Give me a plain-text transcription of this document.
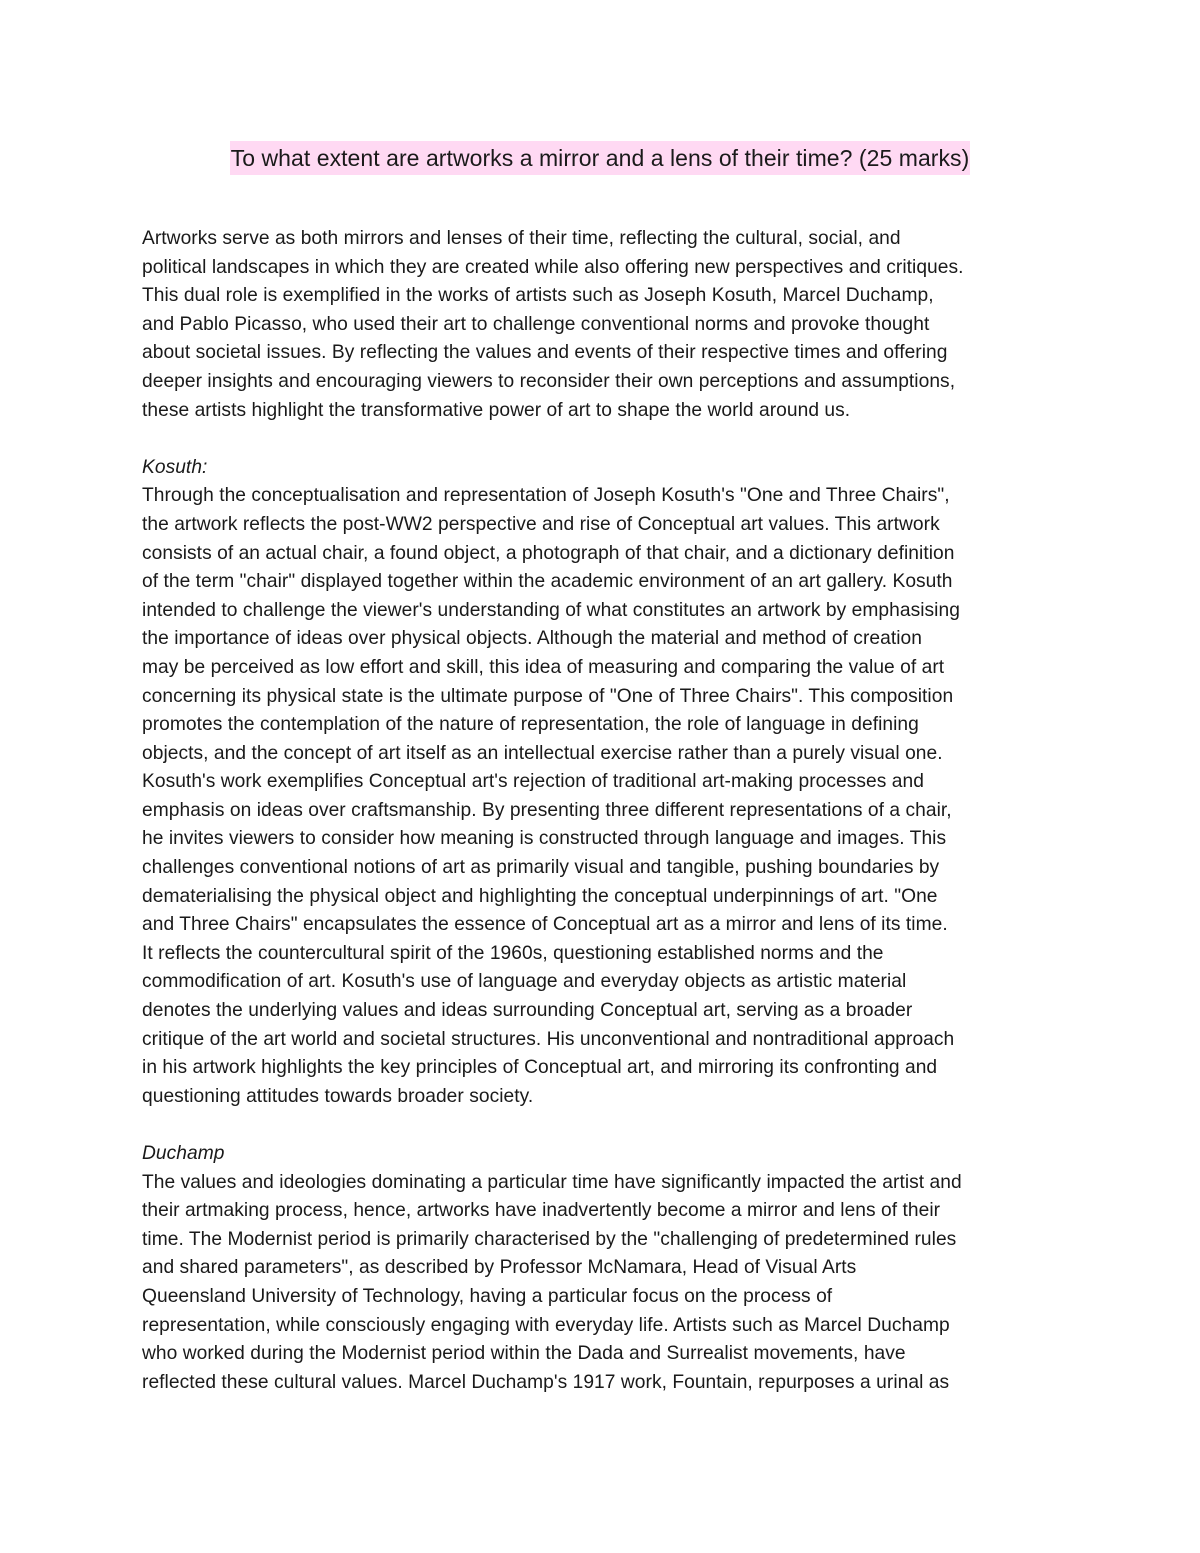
To what extent are artworks a mirror and a lens of their time? (25 marks)

Artworks serve as both mirrors and lenses of their time, reflecting the cultural, social, and

political landscapes in which they are created while also offering new perspectives and critiques.

This dual role is exemplified in the works of artists such as Joseph Kosuth, Marcel Duchamp,

and Pablo Picasso, who used their art to challenge conventional norms and provoke thought

about societal issues. By reflecting the values and events of their respective times and offering

deeper insights and encouraging viewers to reconsider their own perceptions and assumptions,

these artists highlight the transformative power of art to shape the world around us.

Kosuth:

Through the conceptualisation and representation of Joseph Kosuth's "One and Three Chairs",

the artwork reflects the post-WW2 perspective and rise of Conceptual art values. This artwork

consists of an actual chair, a found object, a photograph of that chair, and a dictionary definition

of the term "chair" displayed together within the academic environment of an art gallery. Kosuth

intended to challenge the viewer's understanding of what constitutes an artwork by emphasising

the importance of ideas over physical objects. Although the material and method of creation

may be perceived as low effort and skill, this idea of measuring and comparing the value of art

concerning its physical state is the ultimate purpose of "One of Three Chairs". This composition

promotes the contemplation of the nature of representation, the role of language in defining

objects, and the concept of art itself as an intellectual exercise rather than a purely visual one.

Kosuth's work exemplifies Conceptual art's rejection of traditional art-making processes and

emphasis on ideas over craftsmanship. By presenting three different representations of a chair,

he invites viewers to consider how meaning is constructed through language and images. This

challenges conventional notions of art as primarily visual and tangible, pushing boundaries by

dematerialising the physical object and highlighting the conceptual underpinnings of art. "One

and Three Chairs" encapsulates the essence of Conceptual art as a mirror and lens of its time.

It reflects the countercultural spirit of the 1960s, questioning established norms and the

commodification of art. Kosuth's use of language and everyday objects as artistic material

denotes the underlying values and ideas surrounding Conceptual art, serving as a broader

critique of the art world and societal structures. His unconventional and nontraditional approach

in his artwork highlights the key principles of Conceptual art, and mirroring its confronting and

questioning attitudes towards broader society.

Duchamp

The values and ideologies dominating a particular time have significantly impacted the artist and

their artmaking process, hence, artworks have inadvertently become a mirror and lens of their

time. The Modernist period is primarily characterised by the "challenging of predetermined rules

and shared parameters", as described by Professor McNamara, Head of Visual Arts

Queensland University of Technology, having a particular focus on the process of

representation, while consciously engaging with everyday life. Artists such as Marcel Duchamp

who worked during the Modernist period within the Dada and Surrealist movements, have

reflected these cultural values. Marcel Duchamp's 1917 work, Fountain, repurposes a urinal as
